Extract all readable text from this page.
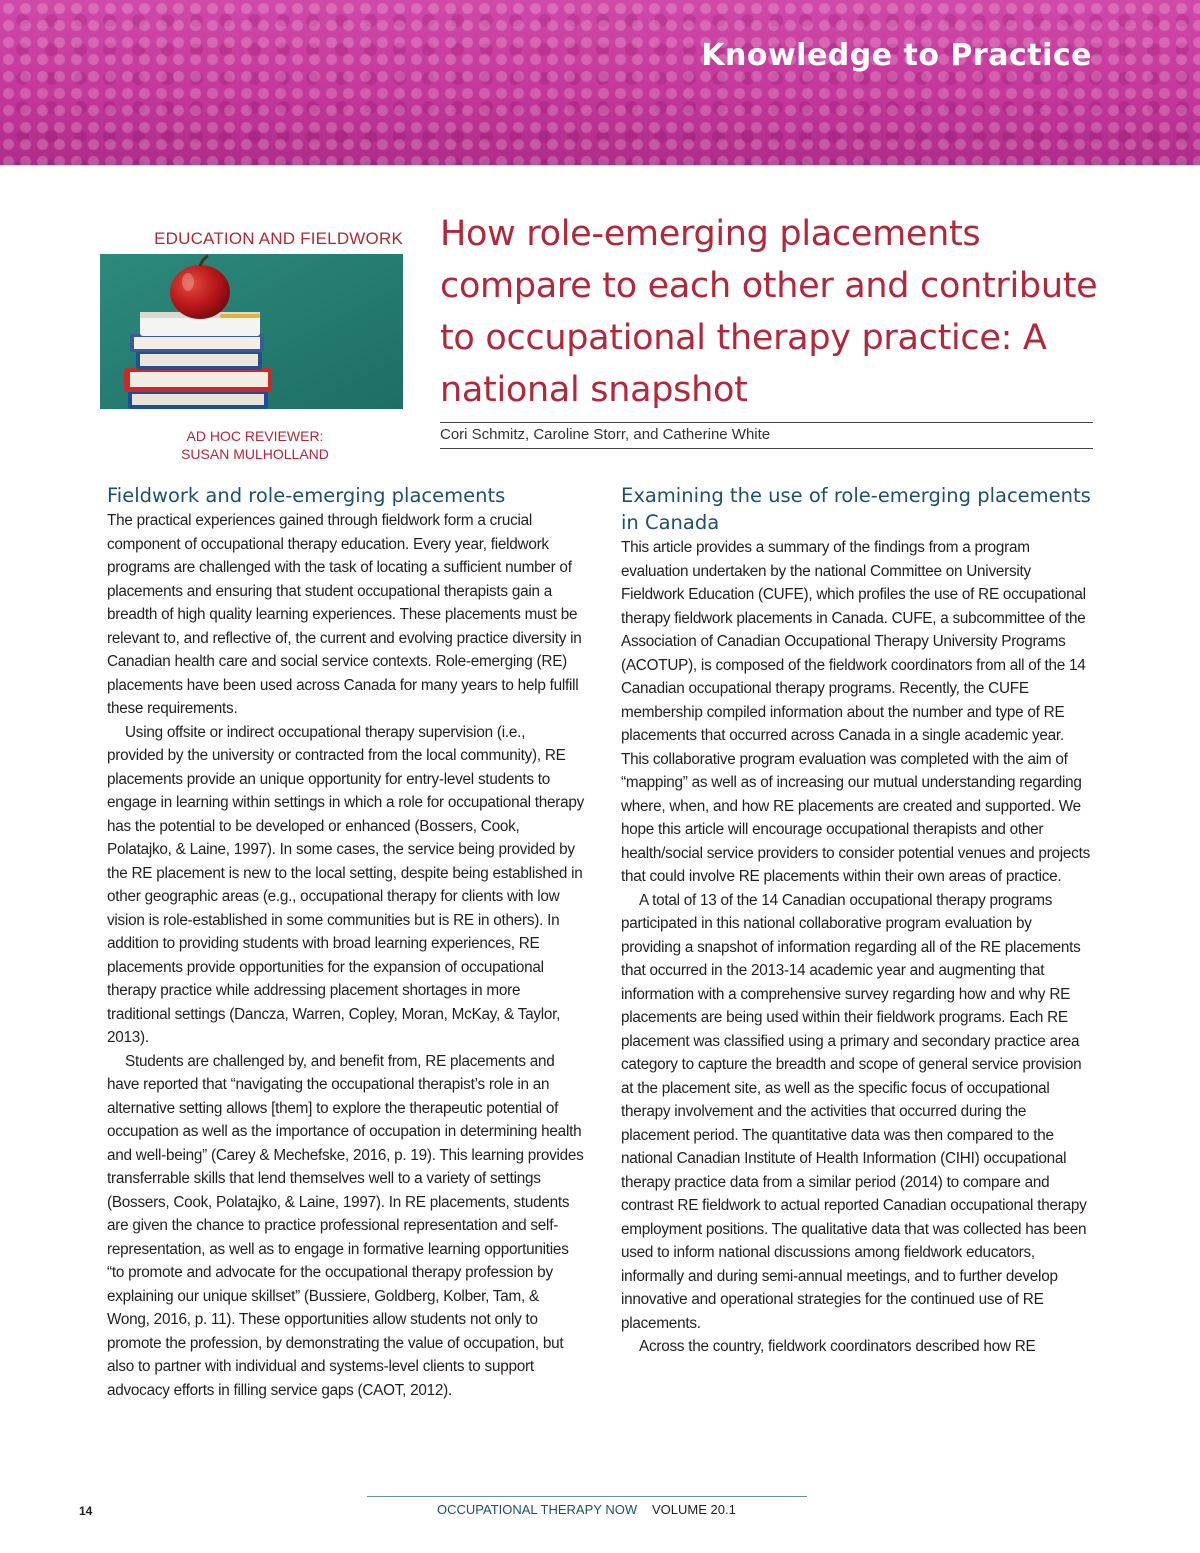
Knowledge to Practice
EDUCATION AND FIELDWORK
AD HOC REVIEWER:
SUSAN MULHOLLAND
How role-emerging placements compare to each other and contribute to occupational therapy practice: A national snapshot
Cori Schmitz, Caroline Storr, and Catherine White
Fieldwork and role-emerging placements

The practical experiences gained through fieldwork form a crucial component of occupational therapy education. Every year, fieldwork programs are challenged with the task of locating a sufficient number of placements and ensuring that student occupational therapists gain a breadth of high quality learning experiences. These placements must be relevant to, and reflective of, the current and evolving practice diversity in Canadian health care and social service contexts. Role-emerging (RE) placements have been used across Canada for many years to help fulfill these requirements.

Using offsite or indirect occupational therapy supervision (i.e., provided by the university or contracted from the local community), RE placements provide an unique opportunity for entry-level students to engage in learning within settings in which a role for occupational therapy has the potential to be developed or enhanced (Bossers, Cook, Polatajko, & Laine, 1997). In some cases, the service being provided by the RE placement is new to the local setting, despite being established in other geographic areas (e.g., occupational therapy for clients with low vision is role-established in some communities but is RE in others). In addition to providing students with broad learning experiences, RE placements provide opportunities for the expansion of occupational therapy practice while addressing placement shortages in more traditional settings (Dancza, Warren, Copley, Moran, McKay, & Taylor, 2013).

Students are challenged by, and benefit from, RE placements and have reported that “navigating the occupational therapist’s role in an alternative setting allows [them] to explore the therapeutic potential of occupation as well as the importance of occupation in determining health and well-being” (Carey & Mechefske, 2016, p. 19). This learning provides transferrable skills that lend themselves well to a variety of settings (Bossers, Cook, Polatajko, & Laine, 1997). In RE placements, students are given the chance to practice professional representation and self-representation, as well as to engage in formative learning opportunities “to promote and advocate for the occupational therapy profession by explaining our unique skillset” (Bussiere, Goldberg, Kolber, Tam, & Wong, 2016, p. 11). These opportunities allow students not only to promote the profession, by demonstrating the value of occupation, but also to partner with individual and systems-level clients to support advocacy efforts in filling service gaps (CAOT, 2012).

Examining the use of role-emerging placements in Canada

This article provides a summary of the findings from a program evaluation undertaken by the national Committee on University Fieldwork Education (CUFE), which profiles the use of RE occupational therapy fieldwork placements in Canada. CUFE, a subcommittee of the Association of Canadian Occupational Therapy University Programs (ACOTUP), is composed of the fieldwork coordinators from all of the 14 Canadian occupational therapy programs. Recently, the CUFE membership compiled information about the number and type of RE placements that occurred across Canada in a single academic year. This collaborative program evaluation was completed with the aim of “mapping” as well as of increasing our mutual understanding regarding where, when, and how RE placements are created and supported. We hope this article will encourage occupational therapists and other health/social service providers to consider potential venues and projects that could involve RE placements within their own areas of practice.

A total of 13 of the 14 Canadian occupational therapy programs participated in this national collaborative program evaluation by providing a snapshot of information regarding all of the RE placements that occurred in the 2013-14 academic year and augmenting that information with a comprehensive survey regarding how and why RE placements are being used within their fieldwork programs. Each RE placement was classified using a primary and secondary practice area category to capture the breadth and scope of general service provision at the placement site, as well as the specific focus of occupational therapy involvement and the activities that occurred during the placement period. The quantitative data was then compared to the national Canadian Institute of Health Information (CIHI) occupational therapy practice data from a similar period (2014) to compare and contrast RE fieldwork to actual reported Canadian occupational therapy employment positions. The qualitative data that was collected has been used to inform national discussions among fieldwork educators, informally and during semi-annual meetings, and to further develop innovative and operational strategies for the continued use of RE placements.

Across the country, fieldwork coordinators described how RE

14	OCCUPATIONAL THERAPY NOW VOLUME 20.1
